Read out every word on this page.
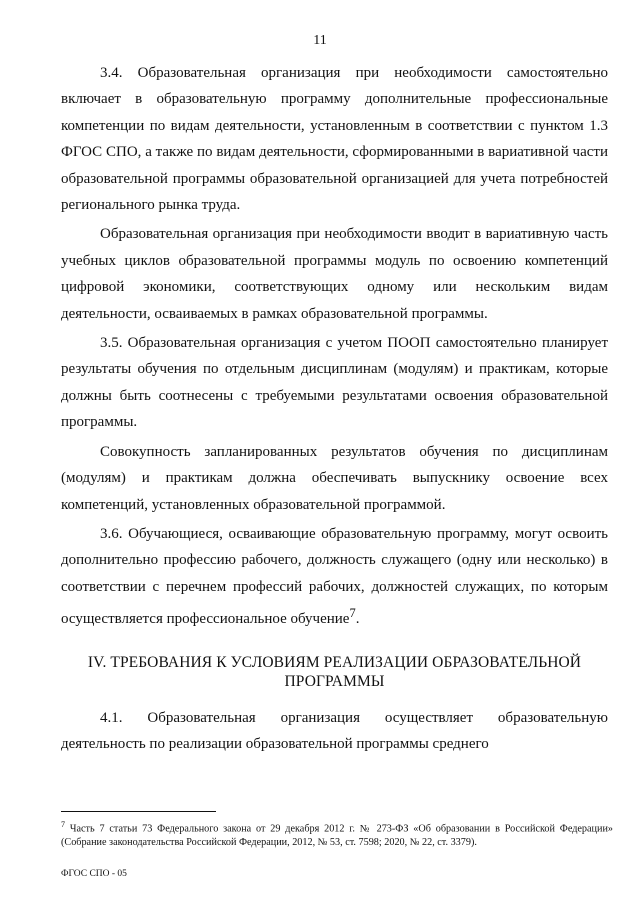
11

3.4. Образовательная организация при необходимости самостоятельно включает в образовательную программу дополнительные профессиональные компетенции по видам деятельности, установленным в соответствии с пунктом 1.3 ФГОС СПО, а также по видам деятельности, сформированными в вариативной части образовательной программы образовательной организацией для учета потребностей регионального рынка труда.

Образовательная организация при необходимости вводит в вариативную часть учебных циклов образовательной программы модуль по освоению компетенций цифровой экономики, соответствующих одному или нескольким видам деятельности, осваиваемых в рамках образовательной программы.

3.5. Образовательная организация с учетом ПООП самостоятельно планирует результаты обучения по отдельным дисциплинам (модулям) и практикам, которые должны быть соотнесены с требуемыми результатами освоения образовательной программы.

Совокупность запланированных результатов обучения по дисциплинам (модулям) и практикам должна обеспечивать выпускнику освоение всех компетенций, установленных образовательной программой.

3.6. Обучающиеся, осваивающие образовательную программу, могут освоить дополнительно профессию рабочего, должность служащего (одну или несколько) в соответствии с перечнем профессий рабочих, должностей служащих, по которым осуществляется профессиональное обучение$^7$.

IV. ТРЕБОВАНИЯ К УСЛОВИЯМ РЕАЛИЗАЦИИ ОБРАЗОВАТЕЛЬНОЙ
ПРОГРАММЫ

4.1. Образовательная организация осуществляет образовательную деятельность по реализации образовательной программы среднего

$^7$ Часть 7 статьи 73 Федерального закона от 29 декабря 2012 г. № 273-ФЗ «Об образовании в Российской Федерации» (Собрание законодательства Российской Федерации, 2012, № 53, ст. 7598; 2020, № 22, ст. 3379).
ФГОС СПО - 05
